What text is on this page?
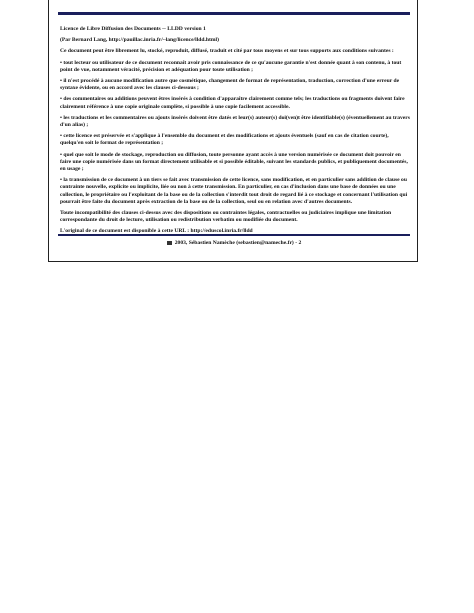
Licence de Libre Diffusion des Documents -- LLDD version 1

(Par Bernard Lang, http://pauillac.inria.fr/~lang/licence/lldd.html)

Ce document peut être librement lu, stocké, reproduit, diffusé, traduit et cité par tous moyens et sur tous supports aux conditions suivantes :

• tout lecteur ou utilisateur de ce document reconnaît avoir pris connaissance de ce qu'aucune garantie n'est donnée quant à son contenu, à tout point de vue, notamment véracité, précision et adéquation pour toute utilisation ;

• il n'est procédé à aucune modification autre que cosmétique, changement de format de représentation, traduction, correction d'une erreur de syntaxe évidente, ou en accord avec les clauses ci-dessous ;

• des commentaires ou additions peuvent êtres insérés à condition d'apparaître clairement comme tels; les traductions ou fragments doivent faire clairement référence à une copie originale complète, si possible à une copie facilement accessible.

• les traductions et les commentaires ou ajouts insérés doivent être datés et leur(s) auteur(s) doi(ven)t être identifiable(s) (éventuellement au travers d'un alias) ;

• cette licence est préservée et s'applique à l'ensemble du document et des modifications et ajouts éventuels (sauf en cas de citation courte), quelqu'en soit le format de représentation ;

• quel que soit le mode de stockage, reproduction ou diffusion, toute personne ayant accès à une version numérisée ce document doit pouvoir en faire une copie numérisée dans un format directement utilisable et si possible éditable, suivant les standards publics, et publiquement documentés, en usage ;

• la transmission de ce document à un tiers se fait avec transmission de cette licence, sans modification, et en particulier sans addition de clause ou contrainte nouvelle, explicite ou implicite, liée ou non à cette transmission. En particulier, en cas d'inclusion dans une base de données ou une collection, le propriétaire ou l'exploitant de la base ou de la collection s'interdit tout droit de regard lié à ce stockage et concernant l'utilisation qui pourrait être faite du document après extraction de la base ou de la collection, seul ou en relation avec d'autres documents.

Toute incompatibilité des clauses ci-dessus avec des dispositions ou contraintes légales, contractuelles ou judiciaires implique une limitation correspondante du droit de lecture, utilisation ou redistribution verbatim ou modifiée du document.

L'original de ce document est disponible à cette URL : http://eduscol.inria.fr/lldd

2003, Sébastien Namèche (sebastien@nameche.fr) - 2
